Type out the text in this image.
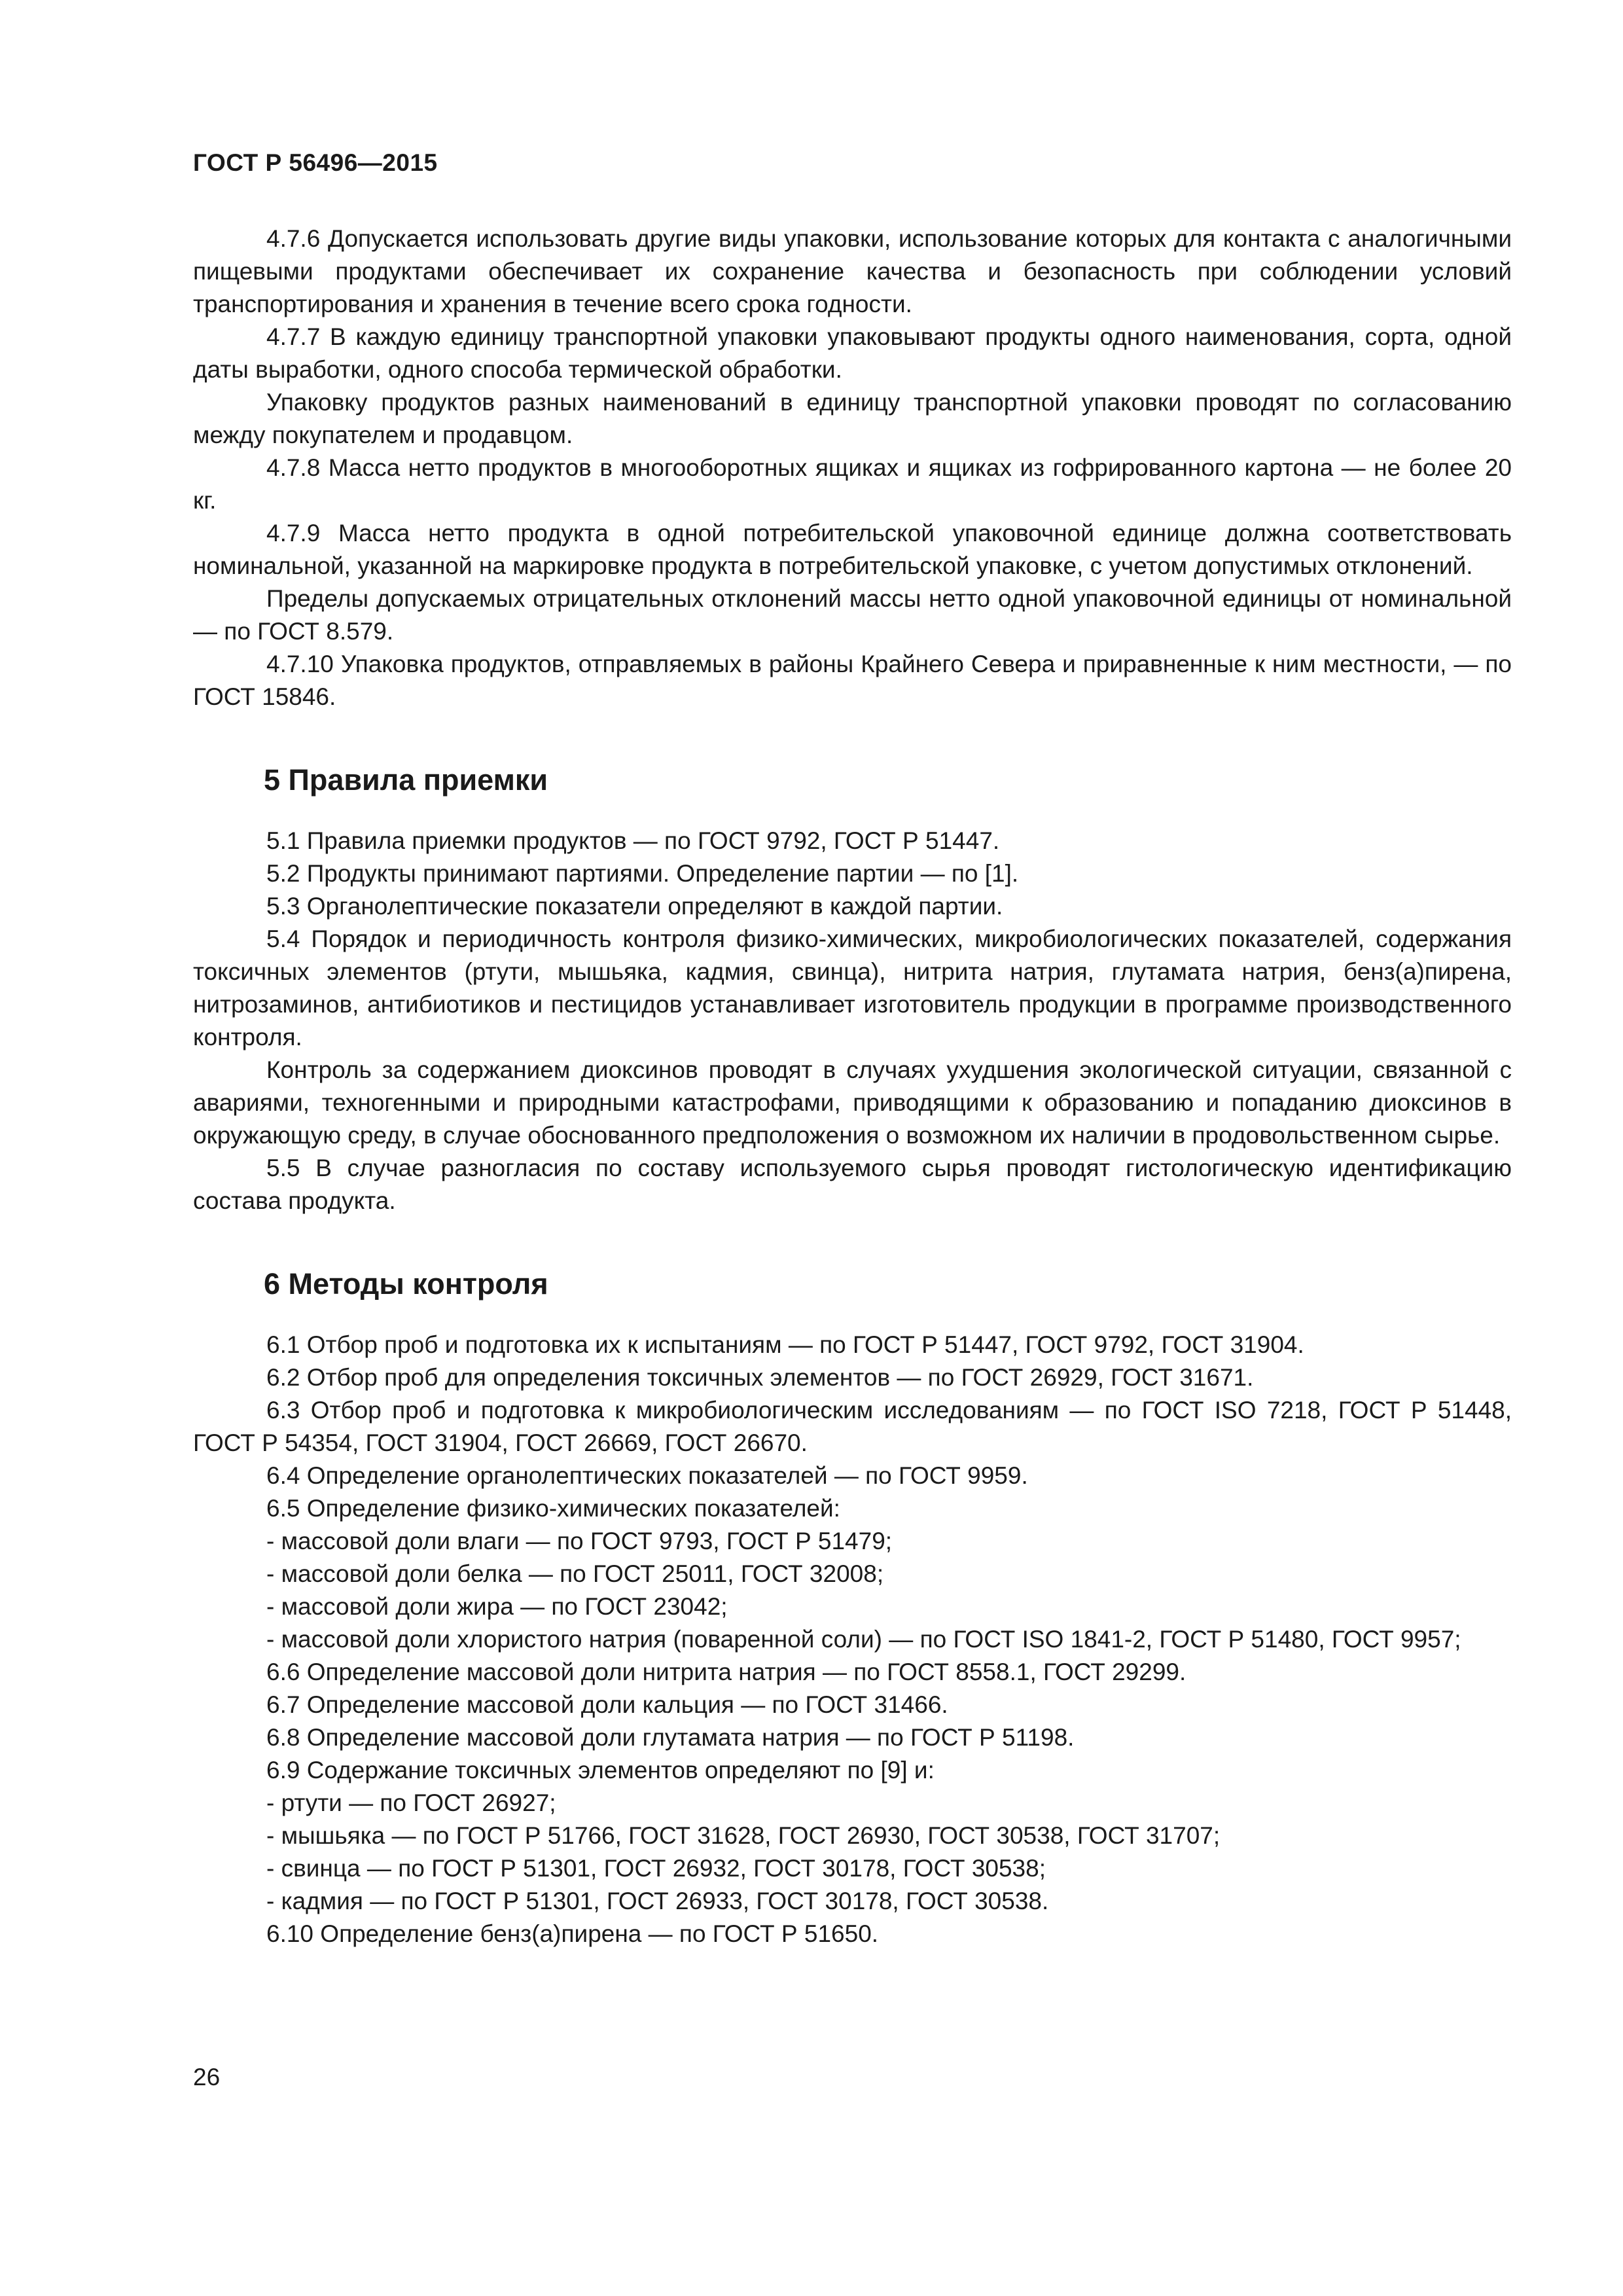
ГОСТ Р 56496—2015

4.7.6 Допускается использовать другие виды упаковки, использование которых для контакта с аналогичными пищевыми продуктами обеспечивает их сохранение качества и безопасность при соблюдении условий транспортирования и хранения в течение всего срока годности.

4.7.7 В каждую единицу транспортной упаковки упаковывают продукты одного наименования, сорта, одной даты выработки, одного способа термической обработки.

Упаковку продуктов разных наименований в единицу транспортной упаковки проводят по согласованию между покупателем и продавцом.

4.7.8 Масса нетто продуктов в многооборотных ящиках и ящиках из гофрированного картона — не более 20 кг.

4.7.9 Масса нетто продукта в одной потребительской упаковочной единице должна соответствовать номинальной, указанной на маркировке продукта в потребительской упаковке, с учетом допустимых отклонений.

Пределы допускаемых отрицательных отклонений массы нетто одной упаковочной единицы от номинальной — по ГОСТ 8.579.

4.7.10 Упаковка продуктов, отправляемых в районы Крайнего Севера и приравненные к ним местности, — по ГОСТ 15846.

5 Правила приемки

5.1 Правила приемки продуктов — по ГОСТ 9792, ГОСТ Р 51447.

5.2 Продукты принимают партиями. Определение партии — по [1].

5.3 Органолептические показатели определяют в каждой партии.

5.4 Порядок и периодичность контроля физико-химических, микробиологических показателей, содержания токсичных элементов (ртути, мышьяка, кадмия, свинца), нитрита натрия, глутамата натрия, бенз(а)пирена, нитрозаминов, антибиотиков и пестицидов устанавливает изготовитель продукции в программе производственного контроля.

Контроль за содержанием диоксинов проводят в случаях ухудшения экологической ситуации, связанной с авариями, техногенными и природными катастрофами, приводящими к образованию и попаданию диоксинов в окружающую среду, в случае обоснованного предположения о возможном их наличии в продовольственном сырье.

5.5 В случае разногласия по составу используемого сырья проводят гистологическую идентификацию состава продукта.

6 Методы контроля

6.1 Отбор проб и подготовка их к испытаниям — по ГОСТ Р 51447, ГОСТ 9792, ГОСТ 31904.

6.2 Отбор проб для определения токсичных элементов — по ГОСТ 26929, ГОСТ 31671.

6.3 Отбор проб и подготовка к микробиологическим исследованиям — по ГОСТ ISO 7218, ГОСТ Р 51448, ГОСТ Р 54354, ГОСТ 31904, ГОСТ 26669, ГОСТ 26670.

6.4 Определение органолептических показателей — по ГОСТ 9959.

6.5 Определение физико-химических показателей:

- массовой доли влаги — по ГОСТ 9793, ГОСТ Р 51479;

- массовой доли белка — по ГОСТ 25011, ГОСТ 32008;

- массовой доли жира — по ГОСТ 23042;

- массовой доли хлористого натрия (поваренной соли) — по ГОСТ ISO 1841-2, ГОСТ Р 51480, ГОСТ 9957;

6.6 Определение массовой доли нитрита натрия — по ГОСТ 8558.1, ГОСТ 29299.

6.7 Определение массовой доли кальция — по ГОСТ 31466.

6.8 Определение массовой доли глутамата натрия — по ГОСТ Р 51198.

6.9 Содержание токсичных элементов определяют по [9] и:

- ртути — по ГОСТ 26927;

- мышьяка — по ГОСТ Р 51766, ГОСТ 31628, ГОСТ 26930, ГОСТ 30538, ГОСТ 31707;

- свинца — по ГОСТ Р 51301, ГОСТ 26932, ГОСТ 30178, ГОСТ 30538;

- кадмия — по ГОСТ Р 51301, ГОСТ 26933, ГОСТ 30178, ГОСТ 30538.

6.10 Определение бенз(а)пирена — по ГОСТ Р 51650.

26
